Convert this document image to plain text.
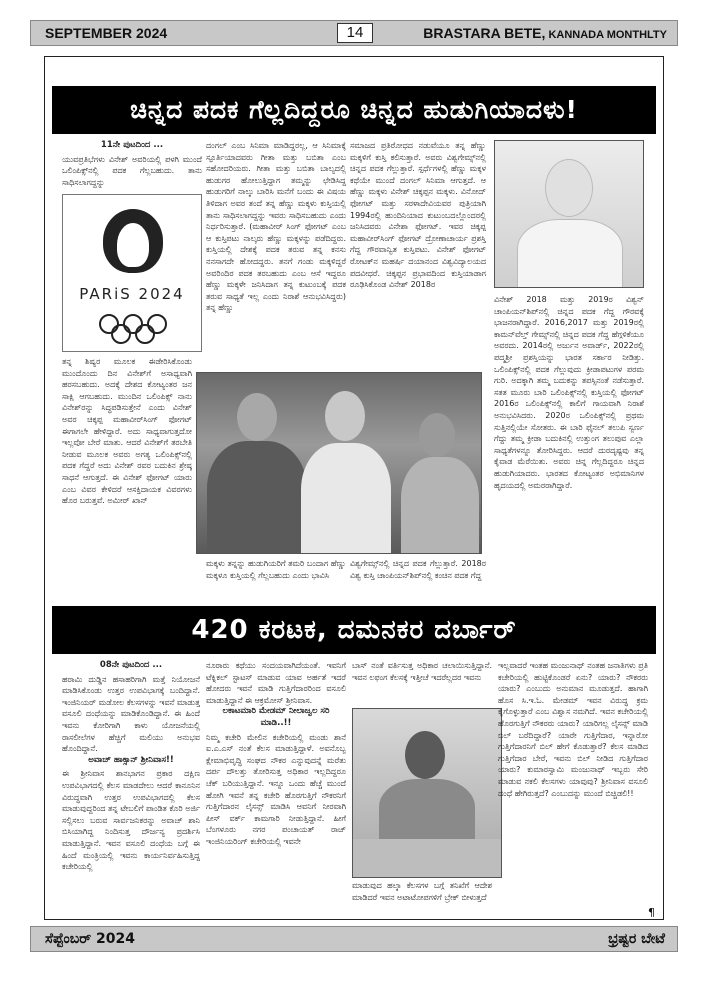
SEPTEMBER 2024	14	BRASTARA BETE, KANNADA MONTHLTY
ಚಿನ್ನದ ಪದಕ ಗೆಲ್ಲದಿದ್ದರೂ ಚಿನ್ನದ ಹುಡುಗಿಯಾದಳು!
11ನೇ ಪುಟದಿಂದ ...
ಯುವಪ್ರತಿಭೆಗಳು ವಿನೇಶ್ ಅವರಿಯಲ್ಲಿ ಪಳಗಿ ಮುಂದೆ ಒಲಿಂಪಿಕ್ಸ್‌ನಲ್ಲಿ ಪದಕ ಗೆಲ್ಲಬಹುದು. ತಾನು ಸಾಧಿಸಲಾಗದ್ದನ್ನು
PARiS 2024
ತನ್ನ ಶಿಷ್ಯರ ಮೂಲಕ ಈಡೇರಿಸಿಕೊಂಡು ಮುಂದೊಂದು ದಿನ ವಿನೇಶ್‌ಗೆ ಅಸಾಧ್ಯವಾಗಿ ಹರಸಬಹುದು. ಅದಕ್ಕೆ ದೇಶದ ಕೋಟ್ಯಂತರ ಜನ ಸಾಕ್ಷಿ ಆಗಬಹುದು. ಮುಂದಿನ ಒಲಿಂಪಿಕ್ಸ್ ನಾನು ವಿನೇಶ್‌ರನ್ನು ಸಿದ್ಧಪಡಿಸುತ್ತೇನೆ ಎಂದು ವಿನೇಶ್ ಅವರ ಚಿಕ್ಕಪ್ಪ ಮಹಾವೀರ್‌ಸಿಂಗ್ ಫೋಗಟ್ ಈಗಾಗಲೇ ಹೇಳಿದ್ದಾರೆ. ಅದು ಸಾಧ್ಯವಾಗುತ್ತದೋ ಇಲ್ಲವೋ ಬೇರೆ ಮಾತು. ಆದರೆ ವಿನೇಶ್‌ಗೆ ತರಬೇತಿ ನೀಡುವ ಮೂಲಕ ಅವರು ಅಗತ್ಯ ಒಲಿಂಪಿಕ್ಸ್‌ನಲ್ಲಿ ಪದಕ ಗೆದ್ದರೆ ಅದು ವಿನೇಶ್ ರವರ ಬದುಕಿನ ಶ್ರೇಷ್ಠ ಸಾಧನೆ ಆಗುತ್ತದೆ. ಈ ವಿನೇಶ್ ಫೋಗಟ್ ಯಾರು ಎಂಬ ವಿವರ ಕೇಳಿದರೆ ಆಸಕ್ತಿದಾಯಕ ವಿವರಗಳು ಹೊರ ಬರುತ್ತವೆ. ಅಮೀರ್ ಖಾನ್
ದಂಗಲ್ ಎಂಬ ಸಿನಿಮಾ ಮಾಡಿದ್ದರಲ್ಲ, ಆ ಸಿನಿಮಾಕ್ಕೆ ಸ್ಫೂರ್ತಿಯಾದವರು ಗೀತಾ ಮತ್ತು ಬಬಿತಾ ಎಂಬ ಸಹೋದರಿಯರು. ಗೀತಾ ಮತ್ತು ಬಬಿತಾ ಬಾಲ್ಯದಲ್ಲಿ ಹುಡುಗರ ಹೋಲುತ್ತಿದ್ದಾಗ ತಮ್ಮನ್ನು ಛೇಡಿಸಿದ್ದ ಹುಡುಗರಿಗೆ ನಾಲ್ಕು ಬಾರಿಸಿ ಮನೆಗೆ ಬಂದು ಈ ವಿಷಯ ತಿಳಿದಾಗ ಅವರ ತಂದೆ ತನ್ನ ಹೆಣ್ಣು ಮಕ್ಕಳು ಕುಸ್ತಿಯಲ್ಲಿ ತಾನು ಸಾಧಿಸಲಾಗದ್ದನ್ನು ಇವರು ಸಾಧಿಸಬಹುದು ಎಂದು ನಿರ್ಧರಿಸುತ್ತಾರೆ. (ಮಹಾವೀರ್ ಸಿಂಗ್ ಫೋಗಟ್ ಎಂಬ ಆ ಕುಸ್ತಿಪಟು ನಾಲ್ಕರು ಹೆಣ್ಣು ಮಕ್ಕಳನ್ನು ಪಡೆದಿದ್ದರು. ಕುಸ್ತಿಯಲ್ಲಿ ದೇಶಕ್ಕೆ ಪದಕ ತರುವ ತನ್ನ ಕನಸು ನನಸಾಗದೇ ಹೋದದ್ದರು. ತನಗೆ ಗಂಡು ಮಕ್ಕಳಿದ್ದರೆ ಅವರಿಂದಿರ ಪದಕ ತರಬಹುದು ಎಂಬ ಆಸೆ ಇದ್ದರೂ ಹೆಣ್ಣು ಮಕ್ಕಳೇ ಜನಿಸಿದಾಗ ತನ್ನ ಕುಟುಂಬಕ್ಕೆ ಪದಕ ತರುವ ಸಾಧ್ಯತೆ ಇಲ್ಲ ಎಂದು ನಿರಾಶೆ ಆನುಭವಿಸಿದ್ದರು) ತನ್ನ ಹೆಣ್ಣು
ಮಕ್ಕಳು ತನ್ನನ್ನು ಹುಡುಗಿಯರಿಗೆ ತಮರಿ ಬಂದಾಗ ಹೆಣ್ಣು ಮಕ್ಕಳೂ ಕುಸ್ತಿಯಲ್ಲಿ ಗೆಲ್ಲಬಹುದು ಎಂದು ಭಾವಿಸಿ
ಸಮಾಜದ ಪ್ರತಿರೋಧದ ನಡುವೆಯೂ ತನ್ನ ಹೆಣ್ಣು ಮಕ್ಕಳಿಗೆ ಕುಸ್ತಿ ಕಲಿಸುತ್ತಾರೆ. ಅವರು ವಿಶ್ವಗೇಮ್ಸ್‌ನಲ್ಲಿ ಚಿನ್ನದ ಪದಕ ಗೆಲ್ಲುತ್ತಾರೆ. ಸ್ಪರ್ಧೆಗಳಲ್ಲಿ ಹೆಣ್ಣು ಮಕ್ಕಳ ಕಥೆಯೇ ಮುಂದೆ ದಂಗಲ್ ಸಿನಿಮಾ ಆಗುತ್ತದೆ. ಆ ಹೆಣ್ಣು ಮಕ್ಕಳು ವಿನೇಶ್ ಚಿಕ್ಕಪ್ಪನ ಮಕ್ಕಳು. ವಿನೋದ್ ಫೋಗಟ್ ಮತ್ತು ಸರಳಾದೇವಿಯವರ ಪುತ್ರಿಯಾಗಿ 1994ರಲ್ಲಿ ಹುಂದಿನಿಯಾದ ಕುಟುಂಬದಲ್ಲೊಂದರಲ್ಲಿ ಜನಿಸಿದವರು ವಿನೇಶಾ ಫೋಗಟ್. ಇವರ ಚಿಕ್ಕಪ್ಪ ಮಹಾವೀರ್‌ಸಿಂಗ್ ಫೋಗಟ್ ದ್ರೋಣಾಚಾರ್ಯ ಪ್ರಶಸ್ತಿ ಗೆದ್ದ ಗೌರವಾನ್ವಿತ ಕುಸ್ತಿಪಟು. ವಿನೇಶ್ ಫೋಗಟ್ ರೋಟಕ್‌ನ ಮಹರ್ಷಿ ದಯಾನಂದ ವಿಶ್ವವಿದ್ಯಾಲಯದ ಪದವೀಧರೆ. ಚಿಕ್ಕಪ್ಪನ ಪ್ರಭಾವದಿಂದ ಕುಸ್ತಿಯಾಡಾಗ ರೂಢಿಸಿಕೊಂಡ ವಿನೇಶ್ 2018ರ
ವಿಶ್ವಗೇಮ್ಸ್‌ನಲ್ಲಿ ಚಿನ್ನದ ಪದಕ ಗೆಲ್ಲುತ್ತಾರೆ. 2018ರ ವಿಶ್ವ ಕುಸ್ತಿ ಚಾಂಪಿಯನ್‌ಶಿಪ್‌ನಲ್ಲಿ ಕಂಚಿನ ಪದಕ ಗೆದ್ದ
ವಿನೇಶ್ 2018 ಮತ್ತು 2019ರ ವಿಶ್ವನ್ ಚಾಂಪಿಯನ್‌ಶಿಪ್‌ನಲ್ಲಿ ಚಿನ್ನದ ಪದಕ ಗೆದ್ದ ಗೌರವಕ್ಕೆ ಭಾಜನರಾಗಿದ್ದಾರೆ. 2016,2017 ಮತ್ತು 2019ರಲ್ಲಿ ಕಾಮನ್‌ವೆಲ್ತ್ ಗೇಮ್ಸ್‌ನಲ್ಲಿ ಚಿನ್ನದ ಪದಕ ಗೆದ್ದ ಹೆಗ್ಗಳಿಕೆಯೂ ಅವರದು. 2014ರಲ್ಲಿ ಅರ್ಜುನ ಅವಾರ್ಡ್, 2022ರಲ್ಲಿ ಪದ್ಮಶ್ರೀ ಪ್ರಶಸ್ತಿಯನ್ನು ಭಾರತ ಸರ್ಕಾರ ನೀಡಿತ್ತು. ಒಲಿಂಪಿಕ್ಸ್‌ನಲ್ಲಿ ಪದಕ ಗೆಲ್ಲುವುದು ಕ್ರೀಡಾಪಟುಗಳ ಪರಮ ಗುರಿ. ಅದಕ್ಕಾಗಿ ತಮ್ಮ ಬದುಕನ್ನು ತಪಸ್ಸಿನಂತೆ ನಡೆಸುತ್ತಾರೆ. ಸತತ ಮೂರು ಬಾರಿ ಒಲಿಂಪಿಕ್ಸ್‌ನಲ್ಲಿ ಕುಸ್ತಿಯಲ್ಲಿ ಫೋಗಟ್ 2016ರ ಒಲಿಂಪಿಕ್ಸ್‌ನಲ್ಲಿ ಕಾಲಿಗೆ ಗಾಯವಾಗಿ ನಿರಾಶೆ ಅನುಭವಿಸಿದರು. 2020ರ ಒಲಿಂಪಿಕ್ಸ್‌ನಲ್ಲಿ ಪ್ರಥಮ ಸುತ್ತಿನಲ್ಲಿಯೇ ಸೋತರು. ಈ ಬಾರಿ ಫೈನಲ್ ತಲುಪಿ ಸ್ವರ್ಣ ಗೆದ್ದು ತಮ್ಮ ಕ್ರೀಡಾ ಬದುಕಿನಲ್ಲಿ ಉತ್ತುಂಗ ತಲುಪುವ ಎಲ್ಲಾ ಸಾಧ್ಯತೆಗಳನ್ನೂ ತೋರಿಸಿದ್ದರು. ಆದರೆ ದುರದೃಷ್ಟವು ತನ್ನ ಕೈವಾಡ ಮೆರೆಯಿತು. ಅವರು ಚಿನ್ನ ಗೆಲ್ಲದಿದ್ದರೂ ಚಿನ್ನದ ಹುಡುಗಿಯಾದರು. ಭಾರತದ ಕೋಟ್ಯಂತರ ಅಭಿಮಾನಿಗಳ ಹೃದಯದಲ್ಲಿ ಅಮರರಾಗಿದ್ದಾರೆ.
420 ಕರಟಕ, ದಮನಕರ ದರ್ಬಾರ್
08ನೇ ಪುಟದಿಂದ ...
ಹರಾಮಿ ದುಡ್ಡಿನ ಹಸಾಹರಿಗಾಗಿ ಮತ್ತೆ ನಿಯೋಜನೆ ಮಾಡಿಸಿಕೊಂಡು ಉತ್ತರ ಉಪವಿಭಾಗಕ್ಕೆ ಬಂದಿದ್ದಾನೆ. ಇಂಜಿನಿಯರ್ ಮಡೋಲ ಕೆಲಸಗಳನ್ನು ಇವನೆ ಮಾಡುತ್ತ ವಸೂಲಿ ದಂಧೆಯನ್ನು ಮಾಡಿಕೊಂಡಿದ್ದಾನೆ. ಈ ಹಿಂದೆ ಇವನು ಕೋರಿಗಾಗಿ ಕಾಳು ಯೋಜನೆಯಲ್ಲಿ ರಾಸಲೀಲೆಗಳ ಹೆಚ್ಚಿಗೆ ಮಲಿಯು ಅನುಭವ ಹೊಂದಿದ್ದಾನೆ.
ಅವಾಚ್ ಹಾಕ್ಸಾನ್ ಶ್ರೀನಿವಾಸ!!
ಈ ಶ್ರೀನಿವಾಸ ಶಾನಭಾಗನ ಪ್ರಕಾರ ದಕ್ಷಿಣ ಉಪವಿಭಾಗದಲ್ಲಿ ಕೆಲಸ ಮಾಡದೇಲು ಆದರೆ ಕಾನೂನಿನ ವಿರುದ್ಧವಾಗಿ ಉತ್ತರ ಉಪವಿಭಾಗದಲ್ಲಿ ಕೆಲಸ ಮಾಡುವುದ್ದರಿಂದ ತನ್ನ ಟೇಬಲಿಗೆ ಪಾಂಡಿತ ಕೊರಿ ಅರ್ಜಿ ಸಲ್ಲಿಸಲು ಬರುವ ಸಾರ್ವಜನಿಕರನ್ನು ಅವಾಚ್ ಶಾನಿ ಬಿಸಿಯಾಗಿದ್ದ ನಿಂದಿಸುತ್ತ ದೌರ್ಜನ್ಯ ಪ್ರದರ್ಶಿಸಿ ಮಾಡುತ್ತಿದ್ದಾನೆ. ಇವನ ವಸೂಲಿ ದಂಧೆಯ ಬಗ್ಗೆ ಈ ಹಿಂದೆ ಮಂತ್ರಿಯಲ್ಲಿ ಇವನು ಕಾರ್ಯನಿರ್ವಹಿಸುತ್ತಿದ್ದ ಕಚೇರಿಯಲ್ಲಿ
ನೂರಾರು ಕಥೆಯು ಸಂದಯವಾಗಿದೆಯಂತೆ. ಇವನಿಗೆ ಟೆಕ್ನಿಕಲ್ ಸ್ಟಾಟಸ್ ಮಾಡುವ ಯಾವ ಅರ್ಹತೆ ಇದರೆ ಹೋದರು ಇವನೆ ಮಾಡಿ ಗುತ್ತಿಗೆದಾರರಿಂದ ವಸೂಲಿ ಮಾಡುತ್ತಿದ್ದಾನೆ ಈ ಆಕ್ರಮೋಸ್ ಶ್ರೀನಿವಾಸ.
ಲಕಾಟಮಾರಿ ಮೇಡಮ್ ನೀಲಾಜ್ವಲ ಸರಿ ಮಾಡಿ..!!
ನಿಮ್ಮ ಕಚೇರಿ ಮೇಲಿನ ಕಚೇರಿಯಲ್ಲಿ ಮಂಡು ಶಾನೆ ಐ.ಎ.ಎಸ್ ನಂತೆ ಕೆಲಸ ಮಾಡುತ್ತಿದ್ದಾಳೆ. ಅವನೊಬ್ಬ ಕ್ಷೇಮಾಭಿವೃದ್ಧಿ ಸಂಘದ ನೌಕರ ಎನ್ನುವುದನ್ನೆ ಮರೆತು ದರ್ಪ ದೌಲತ್ತು ತೋರಿಸುತ್ತ ಅಧಿಕಾರ ಇಲ್ಲದಿದ್ದರೂ ಚೆಕ್ ಬರಿಯುತ್ತಿದ್ದಾನೆ. ಇನ್ನೂ ಒಂದು ಹೆಚ್ಚೆ ಮುಂದೆ ಹೋಗಿ ಇವನೆ ತನ್ನ ಕಚೇರಿ ಹೊರಗುತ್ತಿಗೆ ನೌಕರನಿಗೆ ಗುತ್ತಿಗೆದಾರನ ಲೈಸನ್ಸ್ ಮಾಡಿಸಿ ಆವನಿಗೆ ನೀರವಾಗಿ ಪೀಸ್ ವರ್ಕ್ ಕಾಮಗಾರಿ ನೀಡುತ್ತಿದ್ದಾನೆ. ಹೀಗೆ ಬೆಂಗಳೂರು ನಗರ ಪಂಚಾಯತ್ ರಾಜ್ ಇಂಜಿನಿಯರಿಂಗ್ ಕಚೇರಿಯಲ್ಲಿ ಇವನೇ
ಬಾಸ್ ನಂತೆ ವರ್ತಿಸುತ್ತ ಅಧಿಕಾರ ಚಲಾಯಿಸುತ್ತಿದ್ದಾನೆ. ಇವನ ಲಫಂಗ ಕೆಲಸಕ್ಕೆ ಇತ್ತೀಚೆ ಇದರೆಲ್ಲದರ ಇವನು
ಮಾಡುವುದ ಹಲ್ಕಾ ಕೆಲಸಗಳ ಬಗ್ಗೆ ತನಿಖೆಗೆ ಆದೇಶ ಮಾಡಿದರೆ ಇವನ ಅಟಾಟೋಪಗಳಿಗೆ ಬ್ರೇಕ್ ಬೀಳುತ್ತದೆ
ಇಲ್ಲವಾದರೆ ಇಂತಹ ಮಂಜುನಾಥ್ ನಂತಹ ಜನಾತಿಗಳು ಪ್ರತಿ ಕಚೇರಿಯಲ್ಲಿ ಹುಟ್ಟಿಕೊಂಡರೆ ಏನು? ಯಾರು? ನೌಕರರು ಯಾರು? ಎಂಬುದು ಅನುಮಾನ ಮೂಡುತ್ತದೆ. ಹಾಗಾಗಿ ಹೊಸ ಸಿ.ಇ.ಓ. ಮೇಡಮ್ ಇವನ ವಿರುದ್ಧ ಕ್ರಮ ಕೈಗೊಳ್ಳುತ್ತಾರೆ ಎಂಬ ವಿಶ್ವಾಸ ನಮಗಿದೆ. ಇವನ ಕಚೇರಿಯಲ್ಲಿ ಹೊರಗುತ್ತಿಗೆ ನೌಕರರು ಯಾರು? ಯಾರಿಗಲ್ಲ ಲೈಸನ್ಸ್ ಮಾಡಿ ಬಿಲ್ ಬರೆದಿದ್ದಾರೆ? ಯಾರೇ ಗುತ್ತಿಗೆದಾರ, ಇನ್ನಾರೋ ಗುತ್ತಿಗೆದಾರನಿಗೆ ಬಿಲ್ ಹೇಗೆ ಕೊಡುತ್ತಾರೆ? ಕೆಲಸ ಮಾಡಿದ ಗುತ್ತಿಗೆದಾರ ಬೇರೆ, ಇವನು ಬಿಲ್ ನೀಡಿದ ಗುತ್ತಿಗೆದಾರ ಯಾರು? ಕುಮಾರಸ್ವಾಮಿ ಮಂಜುನಾಥ್ ಇಬ್ಬರು ಸೇರಿ ಮಾಡುವ ನಕಲಿ ಕೆಲಸಗಳು ಯಾವುವು? ಶ್ರೀನಿವಾಸ ವಸೂಲಿ ದಂಧೆ ಹೇಗಿರುತ್ತದೆ? ಎಂಬುದನ್ನು ಮುಂದೆ ಬಿಚ್ಚಿಡಲಿ!!
¶
ಸೆಪ್ಟೆಂಬರ್ 2024	ಭ್ರಷ್ಟರ ಬೇಟೆ
